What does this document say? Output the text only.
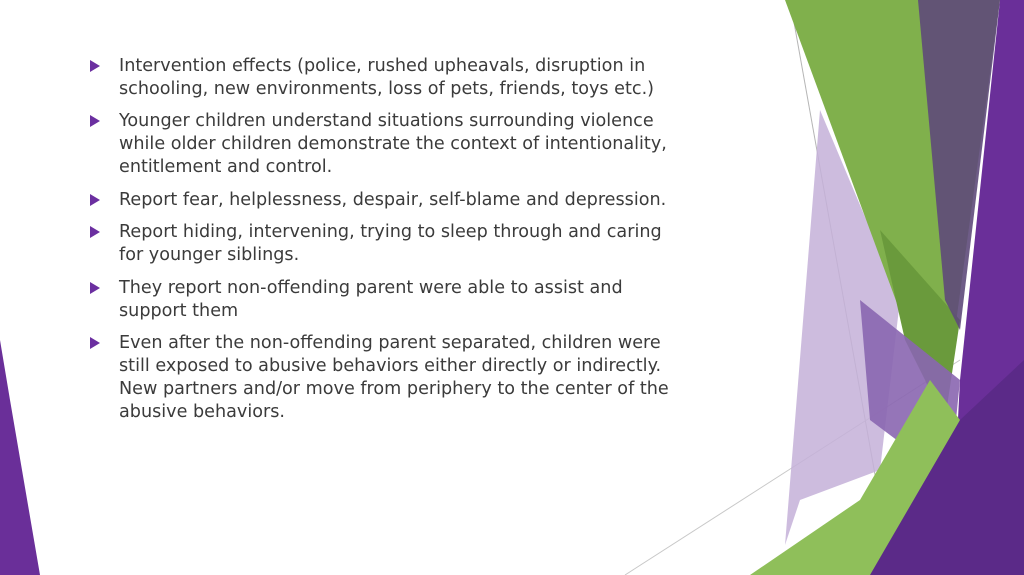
Intervention effects (police, rushed upheavals, disruption in schooling, new environments, loss of pets, friends, toys etc.)
Younger children understand situations surrounding violence while older children demonstrate the context of intentionality, entitlement and control.
Report fear, helplessness, despair, self-blame and depression.
Report hiding, intervening, trying to sleep through and caring for younger siblings.
They report non-offending parent were able to assist and support them
Even after the non-offending parent separated, children were still exposed to abusive behaviors either directly or indirectly. New partners and/or move from periphery to the center of the abusive behaviors.
